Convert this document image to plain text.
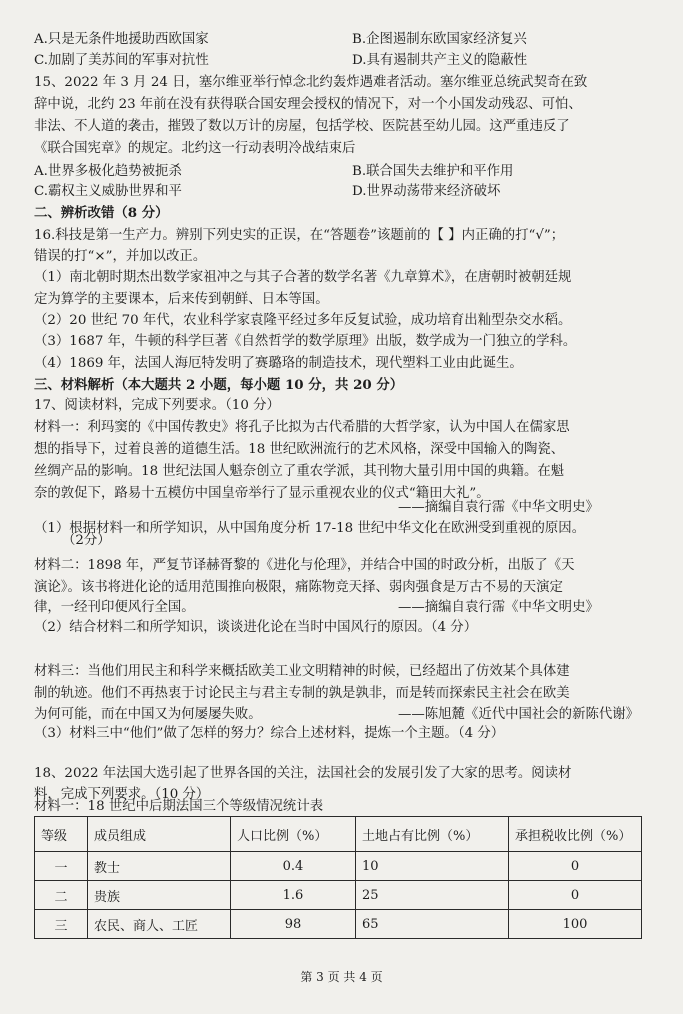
A.只是无条件地援助西欧国家	B.企图遏制东欧国家经济复兴
C.加剧了美苏间的军事对抗性	D.具有遏制共产主义的隐蔽性
15、2022 年 3 月 24 日，塞尔维亚举行悼念北约轰炸遇难者活动。塞尔维亚总统武契奇在致
辞中说，北约 23 年前在没有获得联合国安理会授权的情况下，对一个小国发动残忍、可怕、
非法、不人道的袭击，摧毁了数以万计的房屋，包括学校、医院甚至幼儿园。这严重违反了
《联合国宪章》的规定。北约这一行动表明冷战结束后
A.世界多极化趋势被扼杀	B.联合国失去维护和平作用
C.霸权主义威胁世界和平	D.世界动荡带来经济破坏
二、辨析改错（8 分）
16.科技是第一生产力。辨别下列史实的正误，在“答题卷”该题前的【 】内正确的打“√”；
错误的打“×”，并加以改正。
（1）南北朝时期杰出数学家祖冲之与其子合著的数学名著《九章算术》，在唐朝时被朝廷规
定为算学的主要课本，后来传到朝鲜、日本等国。
（2）20 世纪 70 年代，农业科学家袁隆平经过多年反复试验，成功培育出籼型杂交水稻。
（3）1687 年，牛顿的科学巨著《自然哲学的数学原理》出版，数学成为一门独立的学科。
（4）1869 年，法国人海厄特发明了赛璐珞的制造技术，现代塑料工业由此诞生。
三、材料解析（本大题共 2 小题，每小题 10 分，共 20 分）
17、阅读材料，完成下列要求。（10 分）
材料一：利玛窦的《中国传教史》将孔子比拟为古代希腊的大哲学家，认为中国人在儒家思
想的指导下，过着良善的道德生活。18 世纪欧洲流行的艺术风格，深受中国输入的陶瓷、
丝绸产品的影响。18 世纪法国人魁奈创立了重农学派，其刊物大量引用中国的典籍。在魁
奈的敦促下，路易十五模仿中国皇帝举行了显示重视农业的仪式“籍田大礼”。
——摘编自袁行霈《中华文明史》
（1）根据材料一和所学知识，从中国角度分析 17-18 世纪中华文化在欧洲受到重视的原因。
（2分）
材料二：1898 年，严复节译赫胥黎的《进化与伦理》，并结合中国的时政分析，出版了《天
演论》。该书将进化论的适用范围推向极限，痛陈物竞天择、弱肉强食是万古不易的天演定
律，一经刊印便风行全国。	——摘编自袁行霈《中华文明史》
（2）结合材料二和所学知识，谈谈进化论在当时中国风行的原因。（4 分）
材料三：当他们用民主和科学来概括欧美工业文明精神的时候，已经超出了仿效某个具体建
制的轨迹。他们不再热衷于讨论民主与君主专制的孰是孰非，而是转而探索民主社会在欧美
为何可能，而在中国又为何屡屡失败。	——陈旭麓《近代中国社会的新陈代谢》
（3）材料三中“他们”做了怎样的努力？综合上述材料，提炼一个主题。（4 分）
18、2022 年法国大选引起了世界各国的关注，法国社会的发展引发了大家的思考。阅读材
料，完成下列要求。（10 分）
等级	成员组成	人口比例（%）	土地占有比例（%）	承担税收比例（%）
一	教士	0.4	10	0
二	贵族	1.6	25	0
三	农民、商人、工匠	98	65	100
第 3 页 共 4 页
材料一：18 世纪中后期法国三个等级情况统计表
